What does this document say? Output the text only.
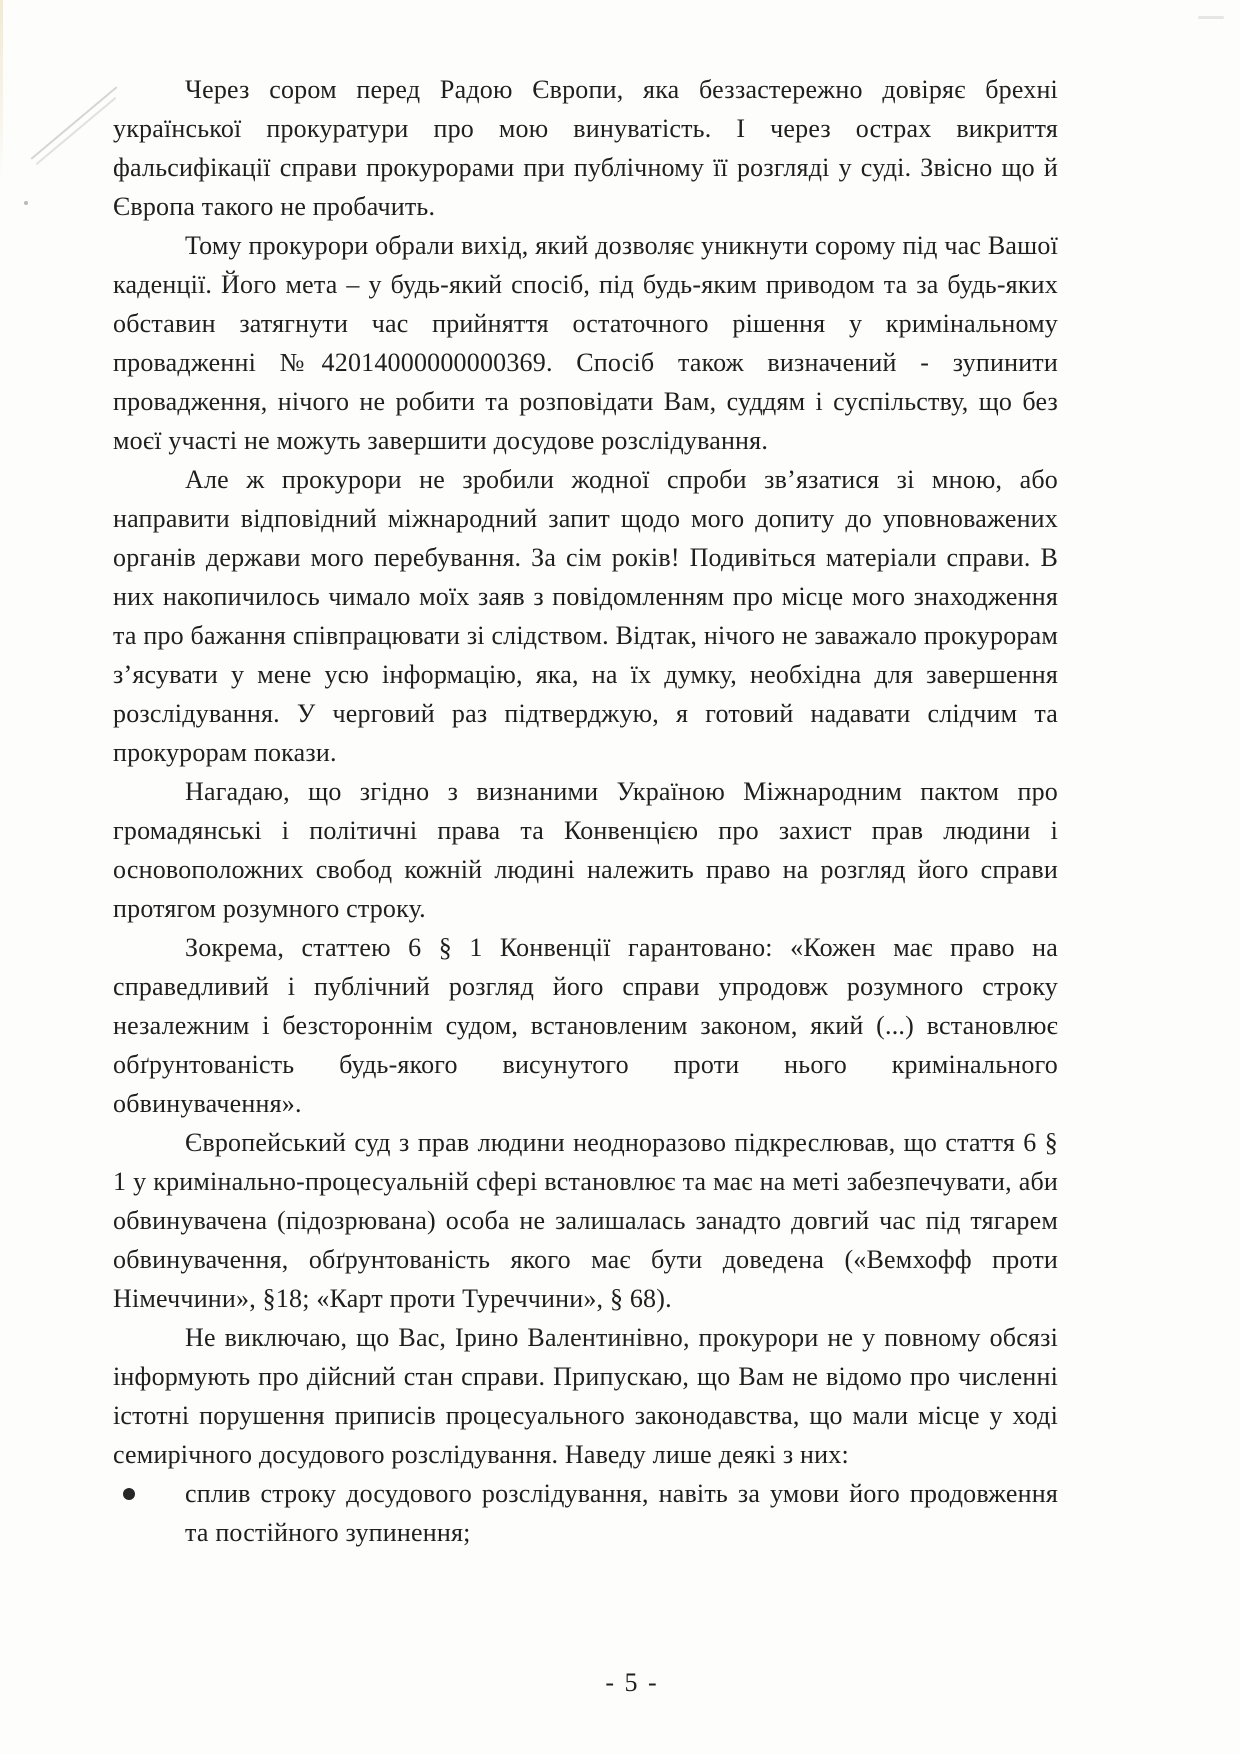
Через сором перед Радою Європи, яка беззастережно довіряє брехні української прокуратури про мою винуватість. І через острах викриття фальсифікації справи прокурорами при публічному її розгляді у суді. Звісно що й Європа такого не пробачить.

Тому прокурори обрали вихід, який дозволяє уникнути сорому під час Вашої каденції. Його мета – у будь-який спосіб, під будь-яким приводом та за будь-яких обставин затягнути час прийняття остаточного рішення у кримінальному провадженні №42014000000000369. Спосіб також визначений - зупинити провадження, нічого не робити та розповідати Вам, суддям і суспільству, що без моєї участі не можуть завершити досудове розслідування.

Але ж прокурори не зробили жодної спроби зв’язатися зі мною, або направити відповідний міжнародний запит щодо мого допиту до уповноважених органів держави мого перебування. За сім років! Подивіться матеріали справи. В них накопичилось чимало моїх заяв з повідомленням про місце мого знаходження та про бажання співпрацювати зі слідством. Відтак, нічого не заважало прокурорам з’ясувати у мене усю інформацію, яка, на їх думку, необхідна для завершення розслідування. У черговий раз підтверджую, я готовий надавати слідчим та прокурорам покази.

Нагадаю, що згідно з визнаними Україною Міжнародним пактом про громадянські і політичні права та Конвенцією про захист прав людини і основоположних свобод кожній людині належить право на розгляд його справи протягом розумного строку.

Зокрема, статтею 6 § 1 Конвенції гарантовано: «Кожен має право на справедливий і публічний розгляд його справи упродовж розумного строку незалежним і безстороннім судом, встановленим законом, який (...) встановлює обґрунтованість будь-якого висунутого проти нього кримінального обвинувачення».

Європейський суд з прав людини неодноразово підкреслював, що стаття 6 § 1 у кримінально-процесуальній сфері встановлює та має на меті забезпечувати, аби обвинувачена (підозрювана) особа не залишалась занадто довгий час під тягарем обвинувачення, обґрунтованість якого має бути доведена («Вемхофф проти Німеччини», §18; «Карт проти Туреччини», § 68).

Не виключаю, що Вас, Ірино Валентинівно, прокурори не у повному обсязі інформують про дійсний стан справи. Припускаю, що Вам не відомо про численні істотні порушення приписів процесуального законодавства, що мали місце у ході семирічного досудового розслідування. Наведу лише деякі з них:

сплив строку досудового розслідування, навіть за умови його продовження та постійного зупинення;
- 5 -
